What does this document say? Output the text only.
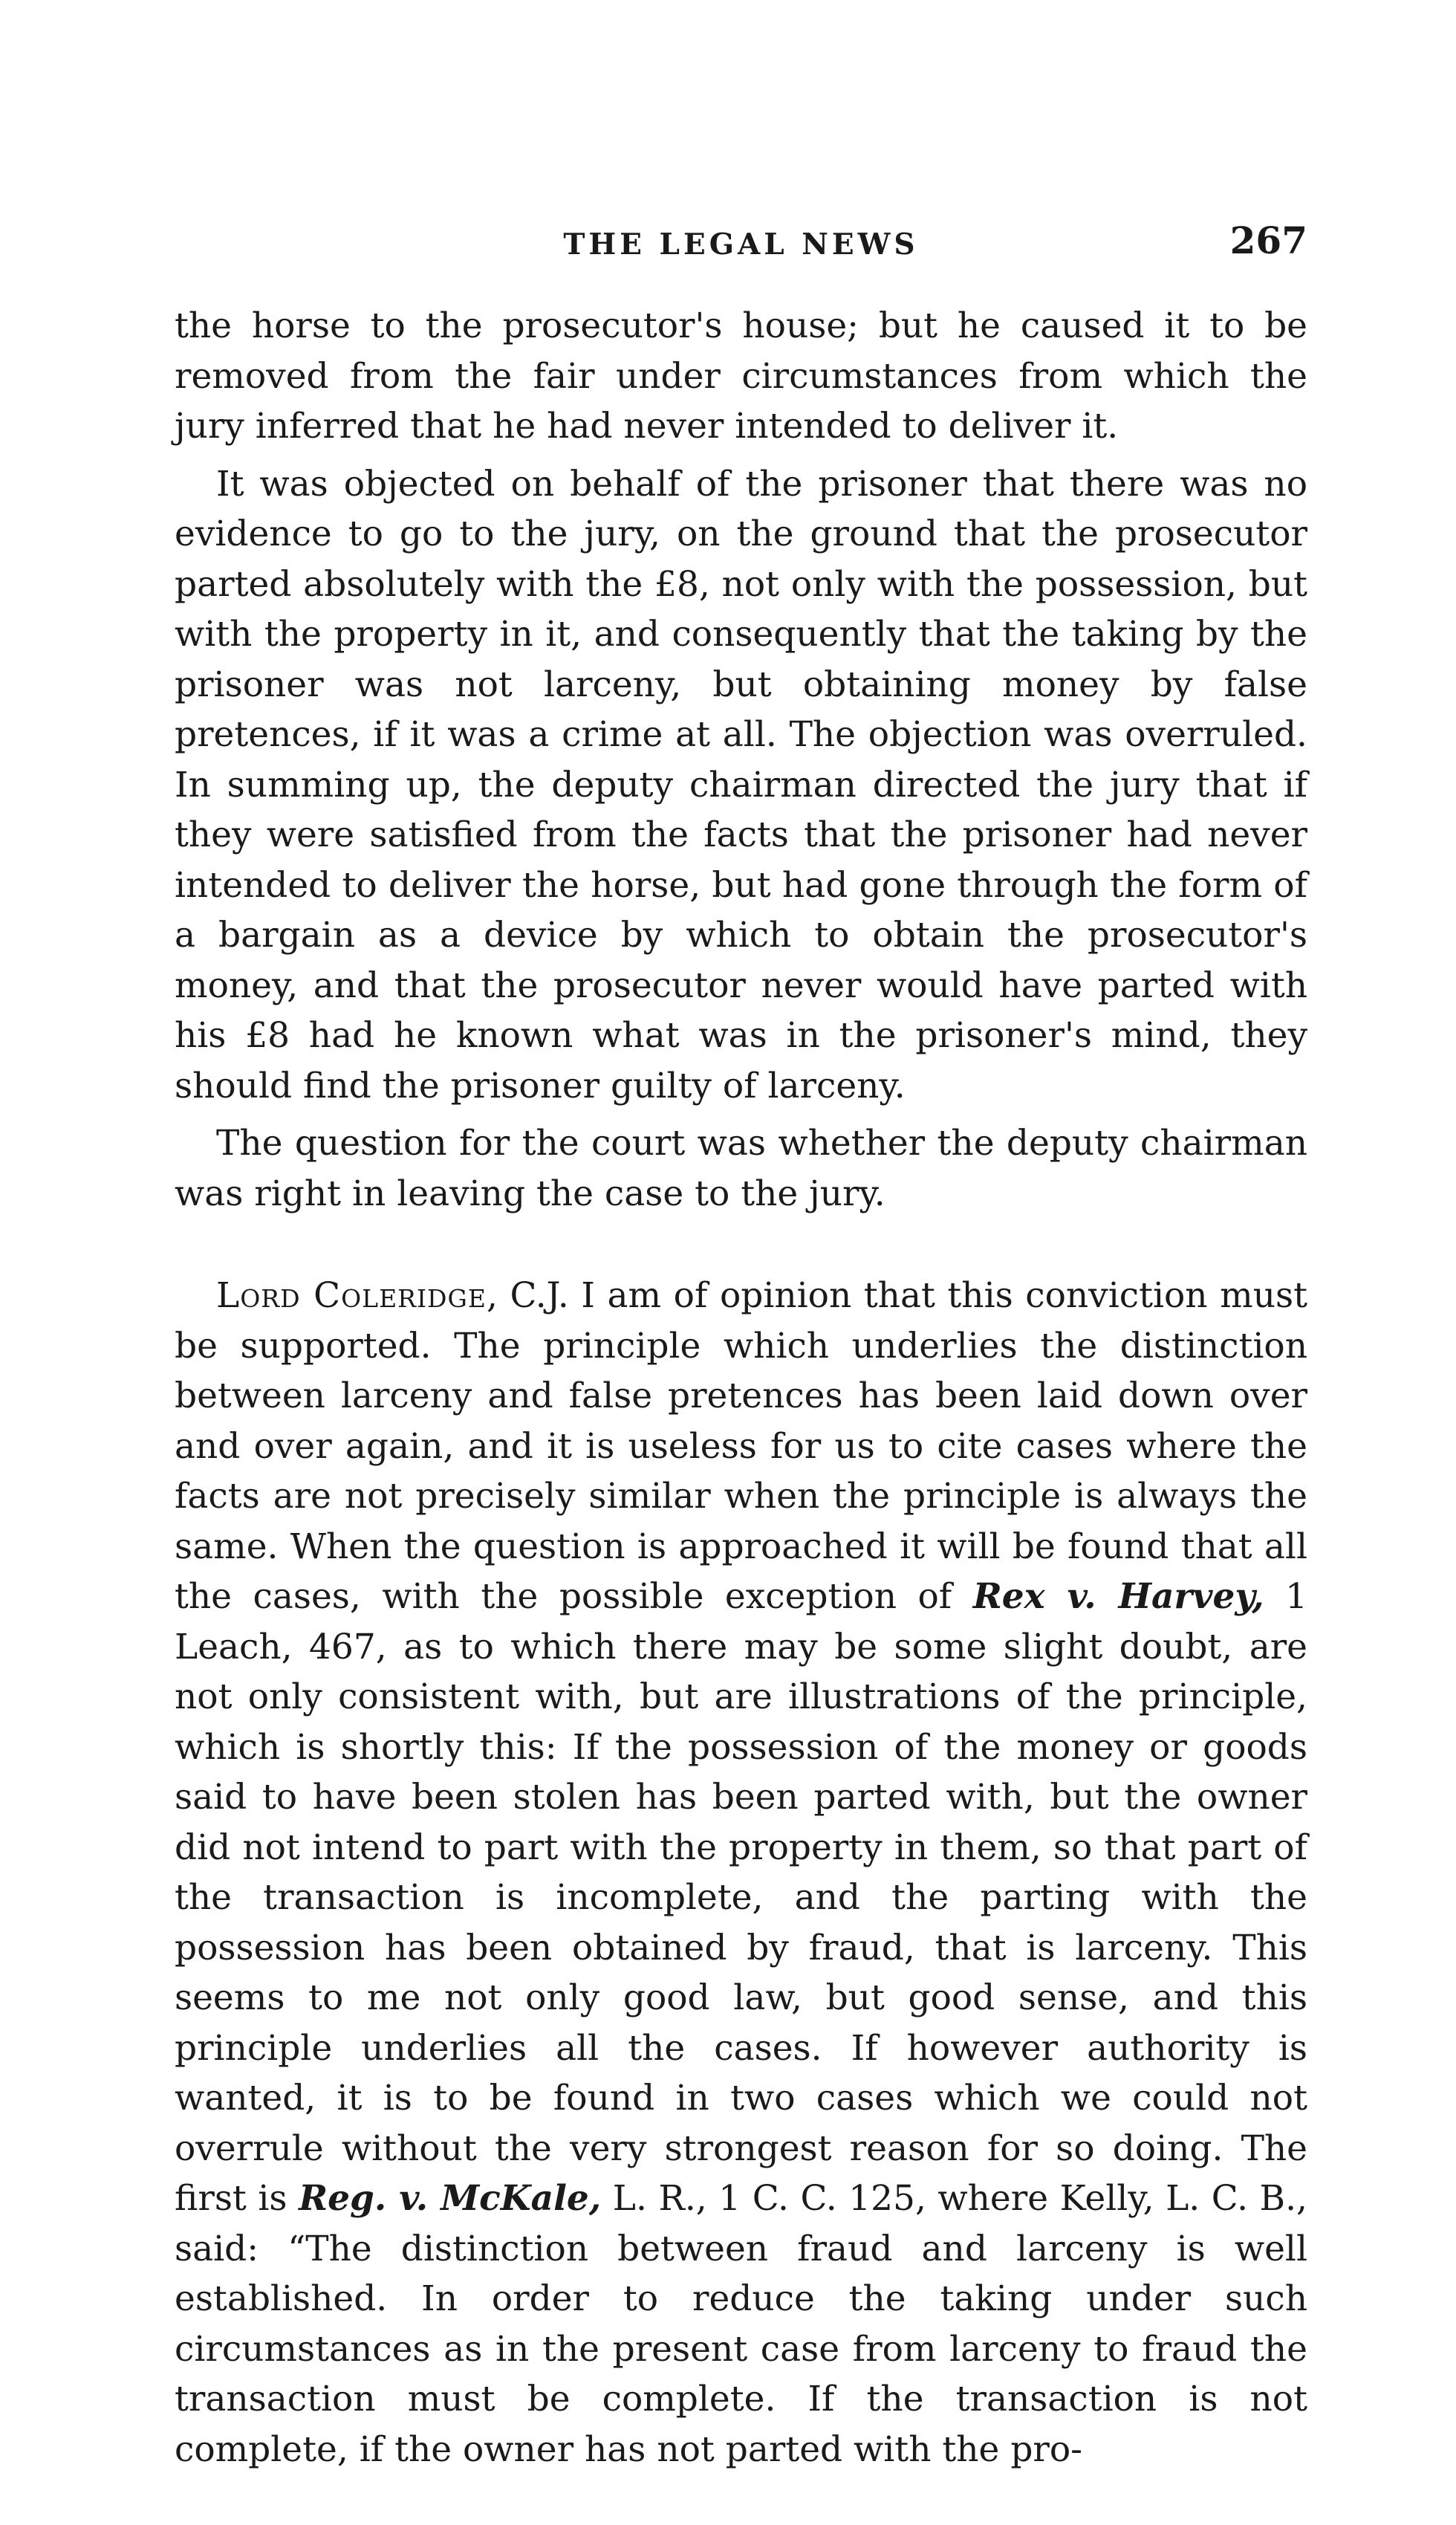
THE LEGAL NEWS	267

the horse to the prosecutor's house; but he caused it to be removed from the fair under circumstances from which the jury inferred that he had never intended to deliver it.

It was objected on behalf of the prisoner that there was no evidence to go to the jury, on the ground that the prosecutor parted absolutely with the £8, not only with the possession, but with the property in it, and consequently that the taking by the prisoner was not larceny, but obtaining money by false pretences, if it was a crime at all. The objection was overruled. In summing up, the deputy chairman directed the jury that if they were satisfied from the facts that the prisoner had never intended to deliver the horse, but had gone through the form of a bargain as a device by which to obtain the prosecutor's money, and that the prosecutor never would have parted with his £8 had he known what was in the prisoner's mind, they should find the prisoner guilty of larceny.

The question for the court was whether the deputy chairman was right in leaving the case to the jury.

Lord Coleridge, C.J. I am of opinion that this conviction must be supported. The principle which underlies the distinction between larceny and false pretences has been laid down over and over again, and it is useless for us to cite cases where the facts are not precisely similar when the principle is always the same. When the question is approached it will be found that all the cases, with the possible exception of Rex v. Harvey, 1 Leach, 467, as to which there may be some slight doubt, are not only consistent with, but are illustrations of the principle, which is shortly this: If the possession of the money or goods said to have been stolen has been parted with, but the owner did not intend to part with the property in them, so that part of the transaction is incomplete, and the parting with the possession has been obtained by fraud, that is larceny. This seems to me not only good law, but good sense, and this principle underlies all the cases. If however authority is wanted, it is to be found in two cases which we could not overrule without the very strongest reason for so doing. The first is Reg. v. McKale, L. R., 1 C. C. 125, where Kelly, L. C. B., said: “The distinction between fraud and larceny is well established. In order to reduce the taking under such circumstances as in the present case from larceny to fraud the transaction must be complete. If the transaction is not complete, if the owner has not parted with the pro-
